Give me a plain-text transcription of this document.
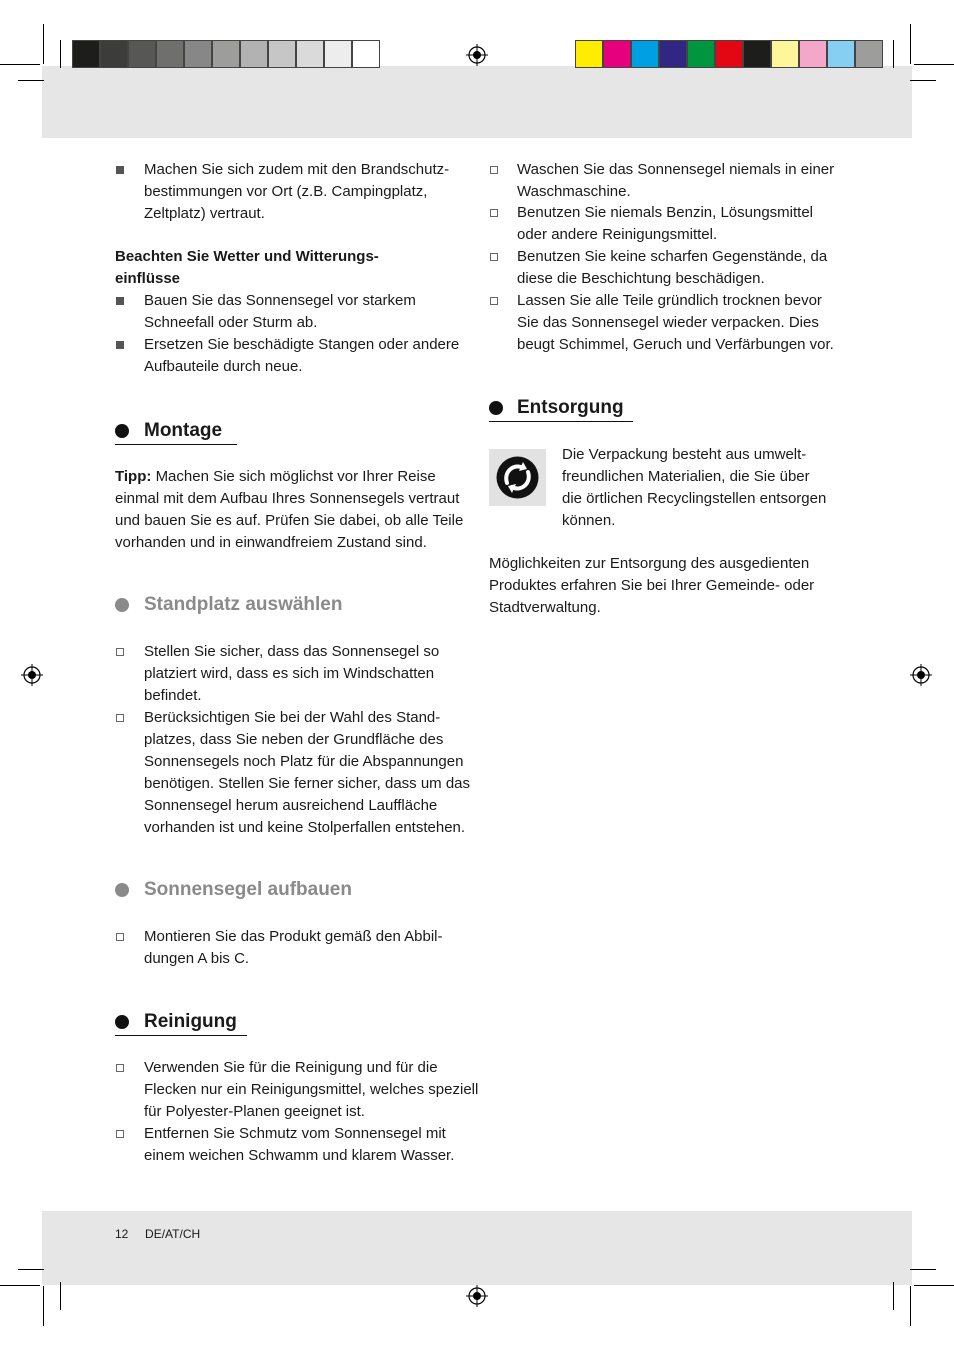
Machen Sie sich zudem mit den Brandschutz-
bestimmungen vor Ort (z.B. Campingplatz,
Zeltplatz) vertraut.
Beachten Sie Wetter und Witterungs-
einflüsse
Bauen Sie das Sonnensegel vor starkem
Schneefall oder Sturm ab.
Ersetzen Sie beschädigte Stangen oder andere
Aufbauteile durch neue.
Montage
Tipp: Machen Sie sich möglichst vor Ihrer Reise
einmal mit dem Aufbau Ihres Sonnensegels vertraut
und bauen Sie es auf. Prüfen Sie dabei, ob alle Teile
vorhanden und in einwandfreiem Zustand sind.
Standplatz auswählen
Stellen Sie sicher, dass das Sonnensegel so
platziert wird, dass es sich im Windschatten
befindet.
Berücksichtigen Sie bei der Wahl des Stand-
platzes, dass Sie neben der Grundfläche des
Sonnensegels noch Platz für die Abspannungen
benötigen. Stellen Sie ferner sicher, dass um das
Sonnensegel herum ausreichend Lauffläche
vorhanden ist und keine Stolperfallen entstehen.
Sonnensegel aufbauen
Montieren Sie das Produkt gemäß den Abbil-
dungen A bis C.
Reinigung
Verwenden Sie für die Reinigung und für die
Flecken nur ein Reinigungsmittel, welches speziell
für Polyester-Planen geeignet ist.
Entfernen Sie Schmutz vom Sonnensegel mit
einem weichen Schwamm und klarem Wasser.
Waschen Sie das Sonnensegel niemals in einer
Waschmaschine.
Benutzen Sie niemals Benzin, Lösungsmittel
oder andere Reinigungsmittel.
Benutzen Sie keine scharfen Gegenstände, da
diese die Beschichtung beschädigen.
Lassen Sie alle Teile gründlich trocknen bevor
Sie das Sonnensegel wieder verpacken. Dies
beugt Schimmel, Geruch und Verfärbungen vor.
Entsorgung
Die Verpackung besteht aus umwelt-
freundlichen Materialien, die Sie über
die örtlichen Recyclingstellen entsorgen
können.
Möglichkeiten zur Entsorgung des ausgedienten
Produktes erfahren Sie bei Ihrer Gemeinde- oder
Stadtverwaltung.
12 DE/AT/CH
